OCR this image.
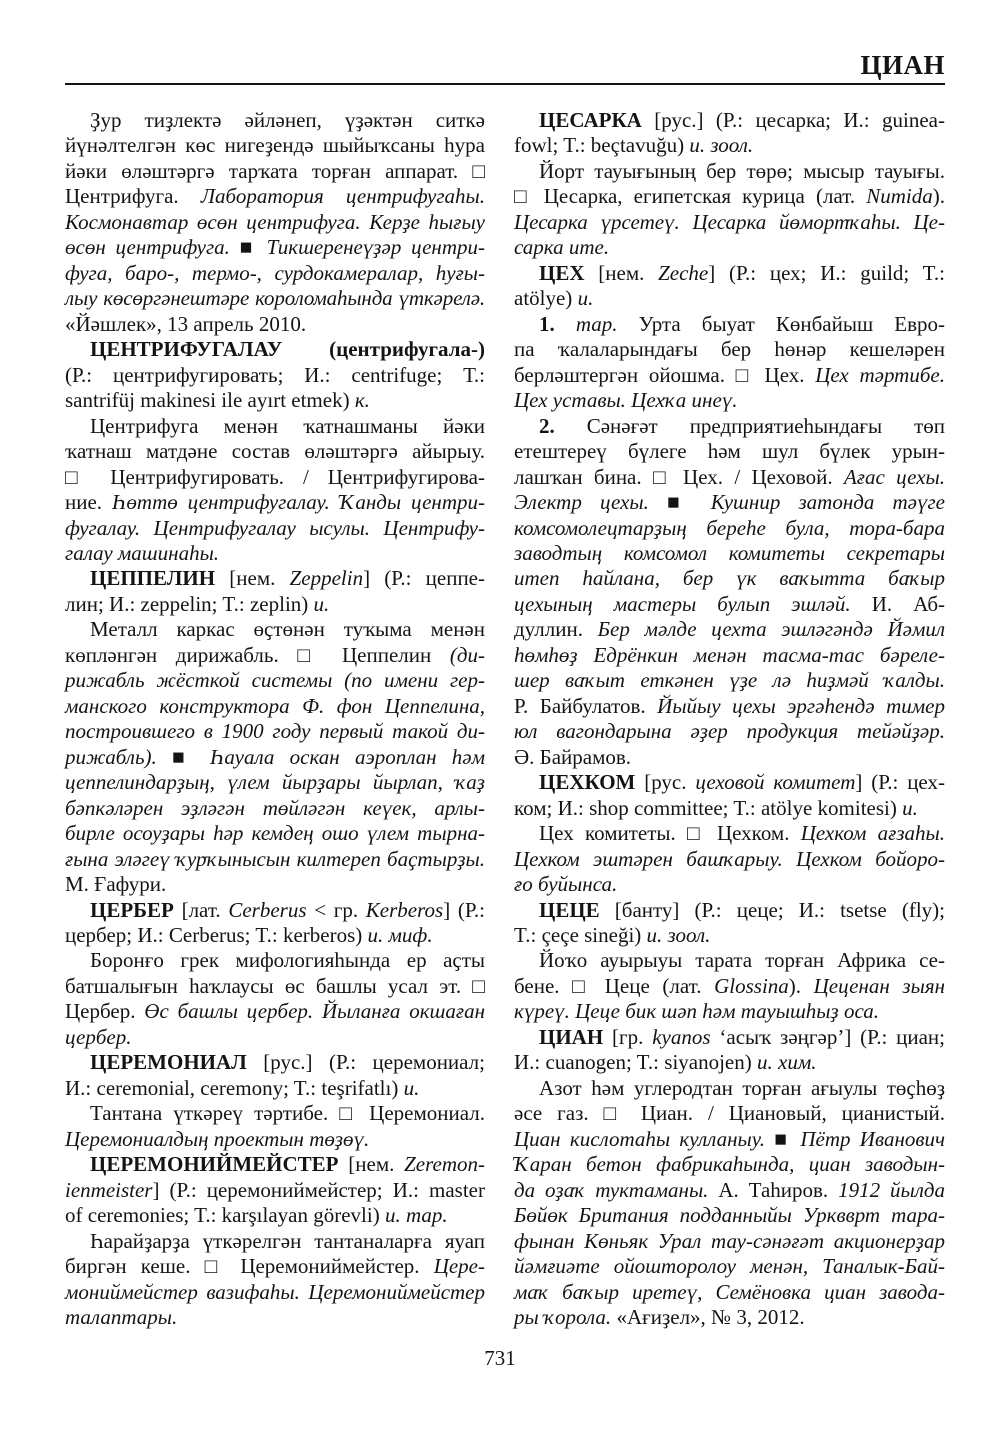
ЦИАН
Ҙур тиҙлектә әйләнеп, үҙәктән ситкә
йүнәлтелгән көс нигеҙендә шыйыҡсаны һура
йәки өләштәргә тарҡата торған аппарат. □
Центрифуга. Лаборатория центрифугаһы.
Космонавтар өсөн центрифуга. Керҙе һығыу
өсөн центрифуга. ■ Тикшеренеүҙәр центри-
фуга, баро-, термо-, сурдокамералар, һуғы-
лыу көсөргәнештәре короломаһында үткәрелә.
«Йәшлек», 13 апрель 2010.
ЦЕНТРИФУГАЛАУ (центрифугала-)
(Р.: центрифугировать; И.: centrifuge; Т.:
santrifüj makinesi ile ayırt etmek) к.
Центрифуга менән ҡатнашманы йәки
ҡатнаш матдәне состав өләштәргә айырыу.
□ Центрифугировать. / Центрифугирова-
ние. Һөттө центрифугалау. Ҡанды центри-
фугалау. Центрифугалау ысулы. Центрифу-
галау машинаһы.
ЦЕППЕЛИН [нем. Zeppelin] (Р.: цеппе-
лин; И.: zeppelin; T.: zeplin) и.
Металл каркас өҫтөнән туҡыма менән
көпләнгән дирижабль. □ Цеппелин (ди-
рижабль жёсткой системы (по имени гер-
манского конструктора Ф. фон Цеппелина,
построившего в 1900 году первый такой ди-
рижабль). ■ Һауала оскан аэроплан һәм
цеппелиндарҙың, үлем йырҙары йырлап, ҡаҙ
бәпкәләрен эҙләгән төйләгән кеүек, арлы-
бирле осоуҙары һәр кемдең ошо үлем тырна-
ғына эләгеү ҡурҡынысын килтереп баҫтырҙы.
М. Ғафури.
ЦЕРБЕР [лат. Cerberus < гр. Kerberos] (Р.:
цербер; И.: Cerberus; T.: kerberos) и. миф.
Боронғо грек мифологияһында ер аҫты
батшалығын һаҡлаусы өс башлы усал эт. □
Цербер. Өс башлы цербер. Йыланға окшаған
цербер.
ЦЕРЕМОНИАЛ [рус.] (Р.: церемониал;
И.: ceremonial, ceremony; T.: teşrifatlı) и.
Тантана үткәреү тәртибе. □ Церемониал.
Церемониалдың проектын төҙөү.
ЦЕРЕМОНИЙМЕЙСТЕР [нем. Zeremon-
ienmeister] (Р.: церемониймейстер; И.: master
of ceremonies; T.: karşılayan görevli) и. тар.
Һарайҙарҙа үткәрелгән тантаналарға яуап
биргән кеше. □ Церемониймейстер. Цере-
мониймейстер вазифаһы. Церемониймейстер
талаптары.
ЦЕСАРКА [рус.] (Р.: цесарка; И.: guinea-
fowl; T.: beçtavuğu) и. зоол.
Йорт тауығының бер төрө; мысыр тауығы.
□ Цесарка, египетская курица (лат. Numida).
Цесарка үрсетеү. Цесарка йөмортҡаһы. Це-
сарка ите.
ЦЕХ [нем. Zeche] (Р.: цех; И.: guild; T.:
atölye) и.
1. тар. Урта быуат Көнбайыш Евро-
па ҡалаларындағы бер һөнәр кешеләрен
берләштергән ойошма. □ Цех. Цех тәртибе.
Цех уставы. Цехҡа инеү.
2. Сәнәғәт предприятиеһындағы төп
етештереү бүлеге һәм шул бүлек урын-
лашҡан бина. □ Цех. / Цеховой. Ағас цехы.
Электр цехы. ■ Кушнир затонда тәүге
комсомолецтарҙың береһе була, тора-бара
заводтың комсомол комитеты секретары
итеп һайлана, бер үк ваҡытта баҡыр
цехының мастеры булып эшләй. И. Аб-
дуллин. Бер мәлде цехта эшләгәндә Йәмил
һөмһөҙ Едрёнкин менән тасма-тас бәреле-
шер ваҡыт еткәнен үҙе лә һиҙмәй ҡалды.
Р. Байбулатов. Йыйыу цехы эргәһендә тимер
юл вагондарына әҙер продукция тейәйҙәр.
Ә. Байрамов.
ЦЕХКОМ [рус. цеховой комитет] (Р.: цех-
ком; И.: shop committee; T.: atölye komitesi) и.
Цех комитеты. □ Цехком. Цехком ағзаһы.
Цехком эштәрен башҡарыу. Цехком бойоро-
ғо буйынса.
ЦЕЦЕ [банту] (Р.: цеце; И.: tsetse (fly);
T.: çeçe sineği) и. зоол.
Йоҡо ауырыуы тарата торған Африка се-
бене. □ Цеце (лат. Glossina). Цеценан зыян
күреү. Цеце бик шәп һәм тауышһыҙ оса.
ЦИАН [гр. kyanos ‘асыҡ зәңгәр’] (Р.: циан;
И.: cuanogen; T.: siyanojen) и. хим.
Азот һәм углеродтан торған ағыулы төҫһөҙ
әсе газ. □ Циан. / Циановый, цианистый.
Циан кислотаһы кулланыу. ■ Пётр Иванович
Ҡаран бетон фабрикаһында, циан заводын-
да оҙаҡ туктаманы. А. Таһиров. 1912 йылда
Бөйөк Британия подданныйы Урквврт тара-
фынан Көньяк Урал тау-сәнәғәт акционерҙар
йәмғиәте ойошторолоу менән, Таналык-Бай-
маҡ баҡыр иретеү, Семёновка циан завода-
ры ҡорола. «Ағиҙел», № 3, 2012.
731
